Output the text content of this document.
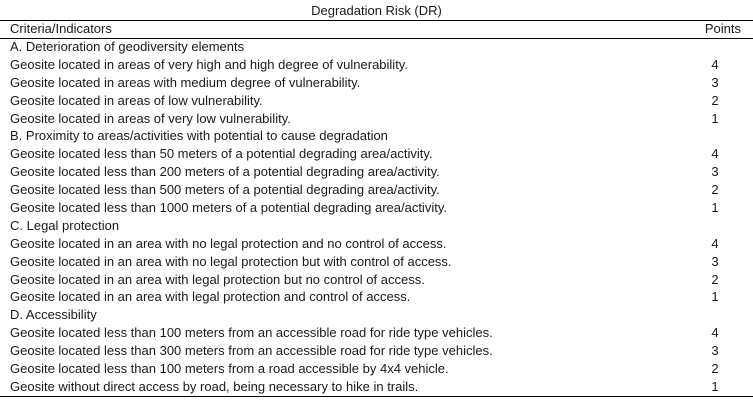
Degradation Risk (DR)
Criteria/Indicators	Points
A. Deterioration of geodiversity elements
Geosite located in areas of very high and high degree of vulnerability.	4
Geosite located in areas with medium degree of vulnerability.	3
Geosite located in areas of low vulnerability.	2
Geosite located in areas of very low vulnerability.	1
B. Proximity to areas/activities with potential to cause degradation
Geosite located less than 50 meters of a potential degrading area/activity.	4
Geosite located less than 200 meters of a potential degrading area/activity.	3
Geosite located less than 500 meters of a potential degrading area/activity.	2
Geosite located less than 1000 meters of a potential degrading area/activity.	1
C. Legal protection
Geosite located in an area with no legal protection and no control of access.	4
Geosite located in an area with no legal protection but with control of access.	3
Geosite located in an area with legal protection but no control of access.	2
Geosite located in an area with legal protection and control of access.	1
D. Accessibility
Geosite located less than 100 meters from an accessible road for ride type vehicles.	4
Geosite located less than 300 meters from an accessible road for ride type vehicles.	3
Geosite located less than 100 meters from a road accessible by 4x4 vehicle.	2
Geosite without direct access by road, being necessary to hike in trails.	1
